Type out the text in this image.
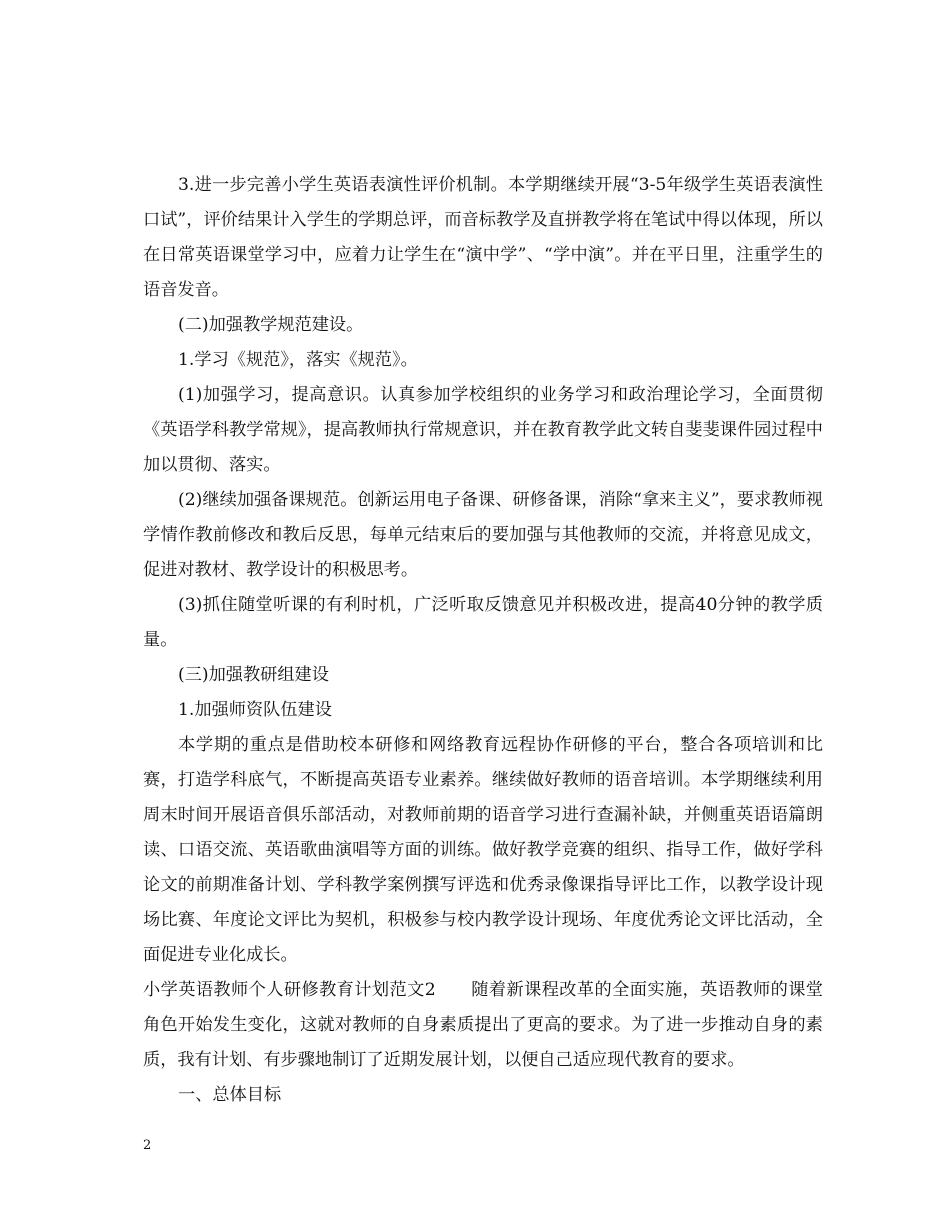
3.进一步完善小学生英语表演性评价机制。本学期继续开展“3-5年级学生英语表演性口试”，评价结果计入学生的学期总评，而音标教学及直拼教学将在笔试中得以体现，所以在日常英语课堂学习中，应着力让学生在“演中学”、“学中演”。并在平日里，注重学生的语音发音。

(二)加强教学规范建设。

1.学习《规范》，落实《规范》。

(1)加强学习，提高意识。认真参加学校组织的业务学习和政治理论学习，全面贯彻《英语学科教学常规》，提高教师执行常规意识，并在教育教学此文转自斐斐课件园过程中加以贯彻、落实。

(2)继续加强备课规范。创新运用电子备课、研修备课，消除“拿来主义”，要求教师视学情作教前修改和教后反思，每单元结束后的要加强与其他教师的交流，并将意见成文，促进对教材、教学设计的积极思考。

(3)抓住随堂听课的有利时机，广泛听取反馈意见并积极改进，提高40分钟的教学质量。

(三)加强教研组建设

1.加强师资队伍建设

本学期的重点是借助校本研修和网络教育远程协作研修的平台，整合各项培训和比赛，打造学科底气，不断提高英语专业素养。继续做好教师的语音培训。本学期继续利用周末时间开展语音俱乐部活动，对教师前期的语音学习进行查漏补缺，并侧重英语语篇朗读、口语交流、英语歌曲演唱等方面的训练。做好教学竞赛的组织、指导工作，做好学科论文的前期准备计划、学科教学案例撰写评选和优秀录像课指导评比工作，以教学设计现场比赛、年度论文评比为契机，积极参与校内教学设计现场、年度优秀论文评比活动，全面促进专业化成长。

小学英语教师个人研修教育计划范文2　　随着新课程改革的全面实施，英语教师的课堂角色开始发生变化，这就对教师的自身素质提出了更高的要求。为了进一步推动自身的素质，我有计划、有步骤地制订了近期发展计划，以便自己适应现代教育的要求。

一、总体目标

2
